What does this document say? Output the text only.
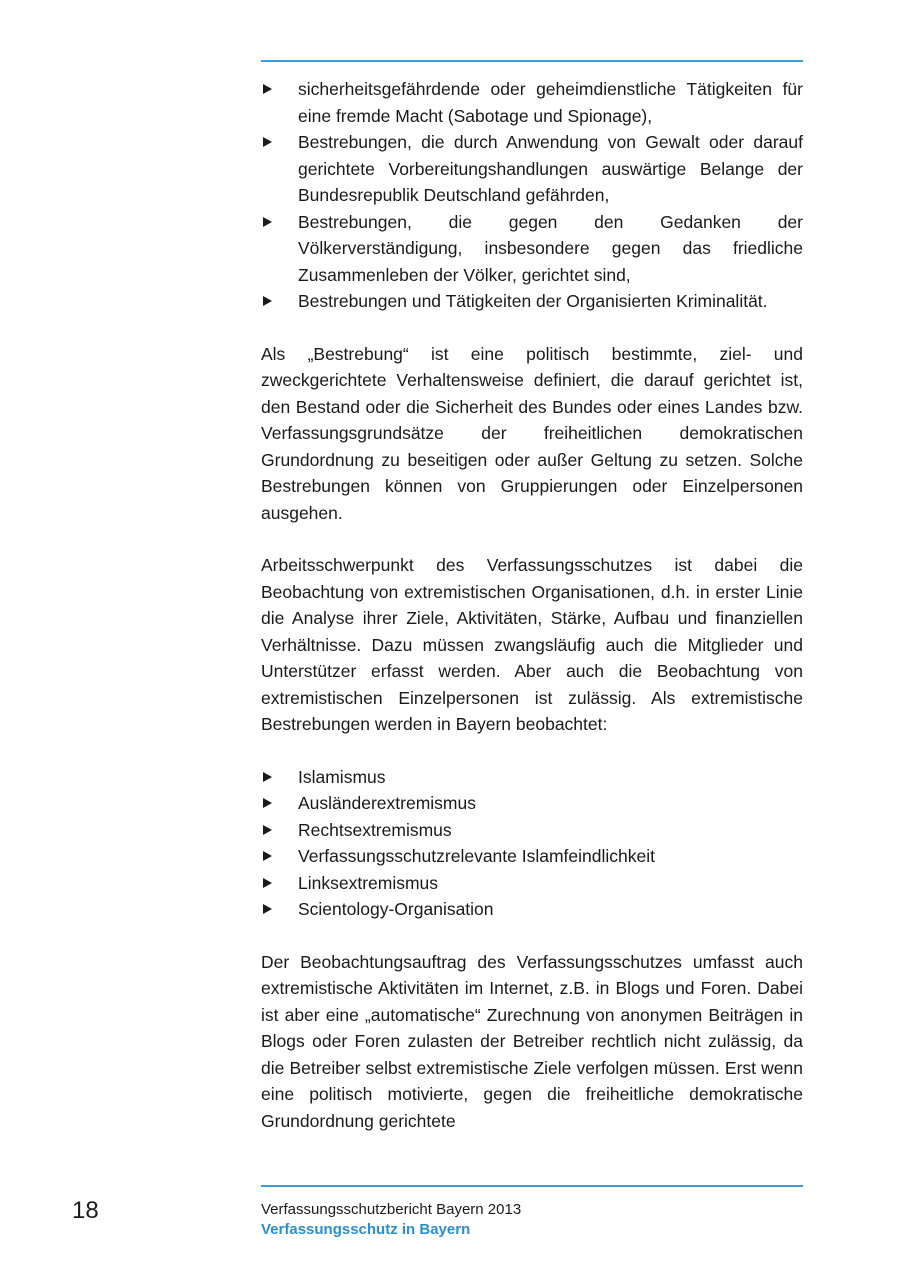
sicherheitsgefährdende oder geheimdienstliche Tätigkeiten für eine fremde Macht (Sabotage und Spionage),
Bestrebungen, die durch Anwendung von Gewalt oder darauf gerichtete Vorbereitungshandlungen auswärtige Belange der Bundesrepublik Deutschland gefährden,
Bestrebungen, die gegen den Gedanken der Völkerverständigung, insbesondere gegen das friedliche Zusammenleben der Völker, gerichtet sind,
Bestrebungen und Tätigkeiten der Organisierten Kriminalität.

Als „Bestrebung“ ist eine politisch bestimmte, ziel- und zweckgerichtete Verhaltensweise definiert, die darauf gerichtet ist, den Bestand oder die Sicherheit des Bundes oder eines Landes bzw. Verfassungsgrundsätze der freiheitlichen demokratischen Grundordnung zu beseitigen oder außer Geltung zu setzen. Solche Bestrebungen können von Gruppierungen oder Einzelpersonen ausgehen.

Arbeitsschwerpunkt des Verfassungsschutzes ist dabei die Beobachtung von extremistischen Organisationen, d.h. in erster Linie die Analyse ihrer Ziele, Aktivitäten, Stärke, Aufbau und finanziellen Verhältnisse. Dazu müssen zwangsläufig auch die Mitglieder und Unterstützer erfasst werden. Aber auch die Beobachtung von extremistischen Einzelpersonen ist zulässig. Als extremistische Bestrebungen werden in Bayern beobachtet:

Islamismus
Ausländerextremismus
Rechtsextremismus
Verfassungsschutzrelevante Islamfeindlichkeit
Linksextremismus
Scientology-Organisation

Der Beobachtungsauftrag des Verfassungsschutzes umfasst auch extremistische Aktivitäten im Internet, z.B. in Blogs und Foren. Dabei ist aber eine „automatische“ Zurechnung von anonymen Beiträgen in Blogs oder Foren zulasten der Betreiber rechtlich nicht zulässig, da die Betreiber selbst extremistische Ziele verfolgen müssen. Erst wenn eine politisch motivierte, gegen die freiheitliche demokratische Grundordnung gerichtete

18	Verfassungsschutzbericht Bayern 2013
Verfassungsschutz in Bayern
